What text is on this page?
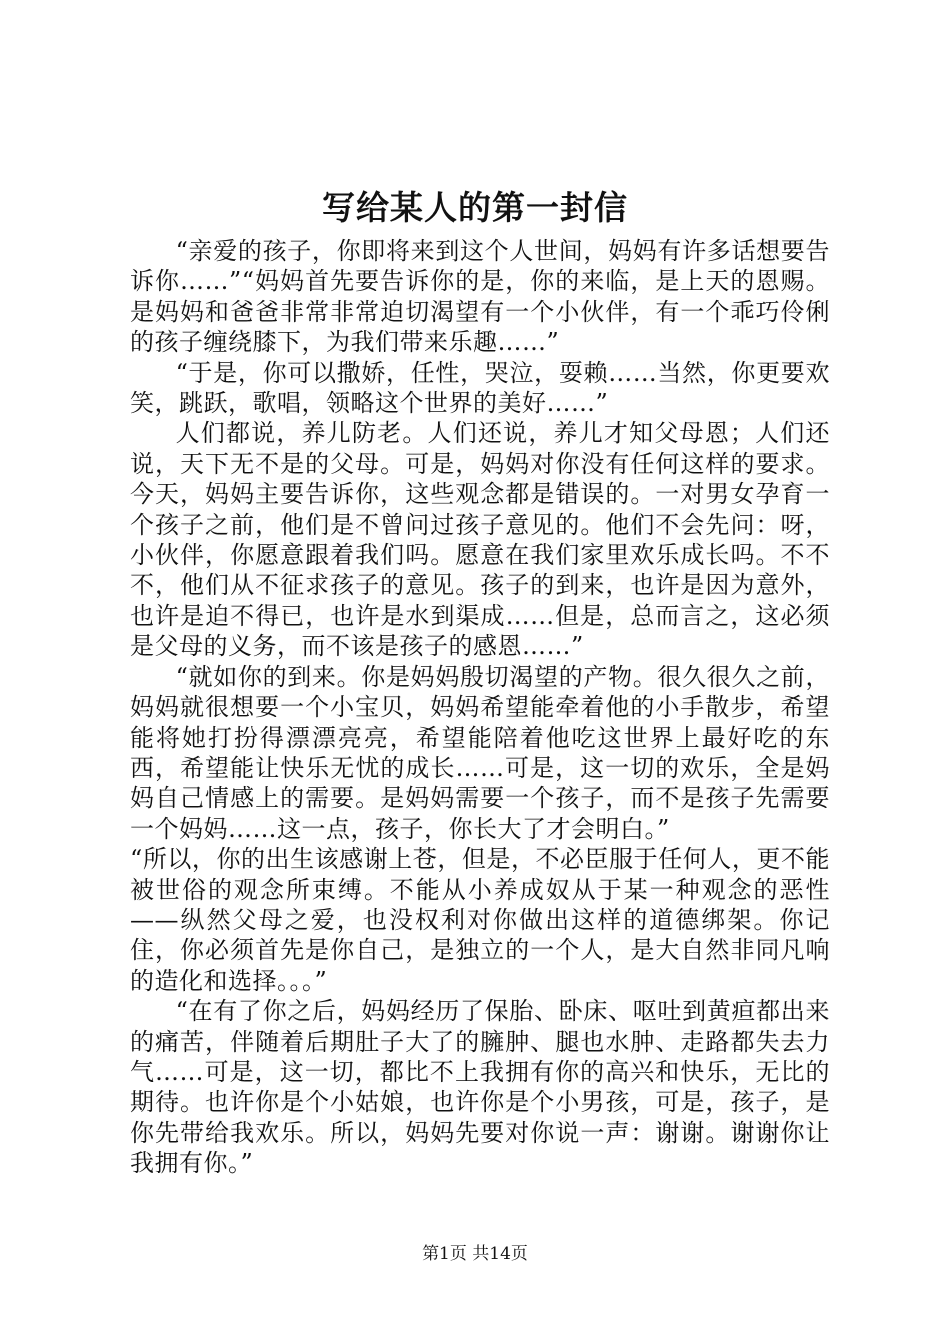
写给某人的第一封信

“亲爱的孩子，你即将来到这个人世间，妈妈有许多话想要告诉你……”“妈妈首先要告诉你的是，你的来临，是上天的恩赐。是妈妈和爸爸非常非常迫切渴望有一个小伙伴，有一个乖巧伶俐的孩子缠绕膝下，为我们带来乐趣……”

“于是，你可以撒娇，任性，哭泣，耍赖……当然，你更要欢笑，跳跃，歌唱，领略这个世界的美好……”

人们都说，养儿防老。人们还说，养儿才知父母恩；人们还说，天下无不是的父母。可是，妈妈对你没有任何这样的要求。今天，妈妈主要告诉你，这些观念都是错误的。一对男女孕育一个孩子之前，他们是不曾问过孩子意见的。他们不会先问：呀，小伙伴，你愿意跟着我们吗。愿意在我们家里欢乐成长吗。不不不，他们从不征求孩子的意见。孩子的到来，也许是因为意外，也许是迫不得已，也许是水到渠成……但是，总而言之，这必须是父母的义务，而不该是孩子的感恩……”

“就如你的到来。你是妈妈殷切渴望的产物。很久很久之前，妈妈就很想要一个小宝贝，妈妈希望能牵着他的小手散步，希望能将她打扮得漂漂亮亮，希望能陪着他吃这世界上最好吃的东西，希望能让快乐无忧的成长……可是，这一切的欢乐，全是妈妈自己情感上的需要。是妈妈需要一个孩子，而不是孩子先需要一个妈妈……这一点，孩子，你长大了才会明白。”

“所以，你的出生该感谢上苍，但是，不必臣服于任何人，更不能被世俗的观念所束缚。不能从小养成奴从于某一种观念的恶性——纵然父母之爱，也没权利对你做出这样的道德绑架。你记住，你必须首先是你自己，是独立的一个人，是大自然非同凡响的造化和选择。。。”

“在有了你之后，妈妈经历了保胎、卧床、呕吐到黄疸都出来的痛苦，伴随着后期肚子大了的臃肿、腿也水肿、走路都失去力气……可是，这一切，都比不上我拥有你的高兴和快乐，无比的期待。也许你是个小姑娘，也许你是个小男孩，可是，孩子，是你先带给我欢乐。所以，妈妈先要对你说一声：谢谢。谢谢你让我拥有你。”

第1页 共14页
